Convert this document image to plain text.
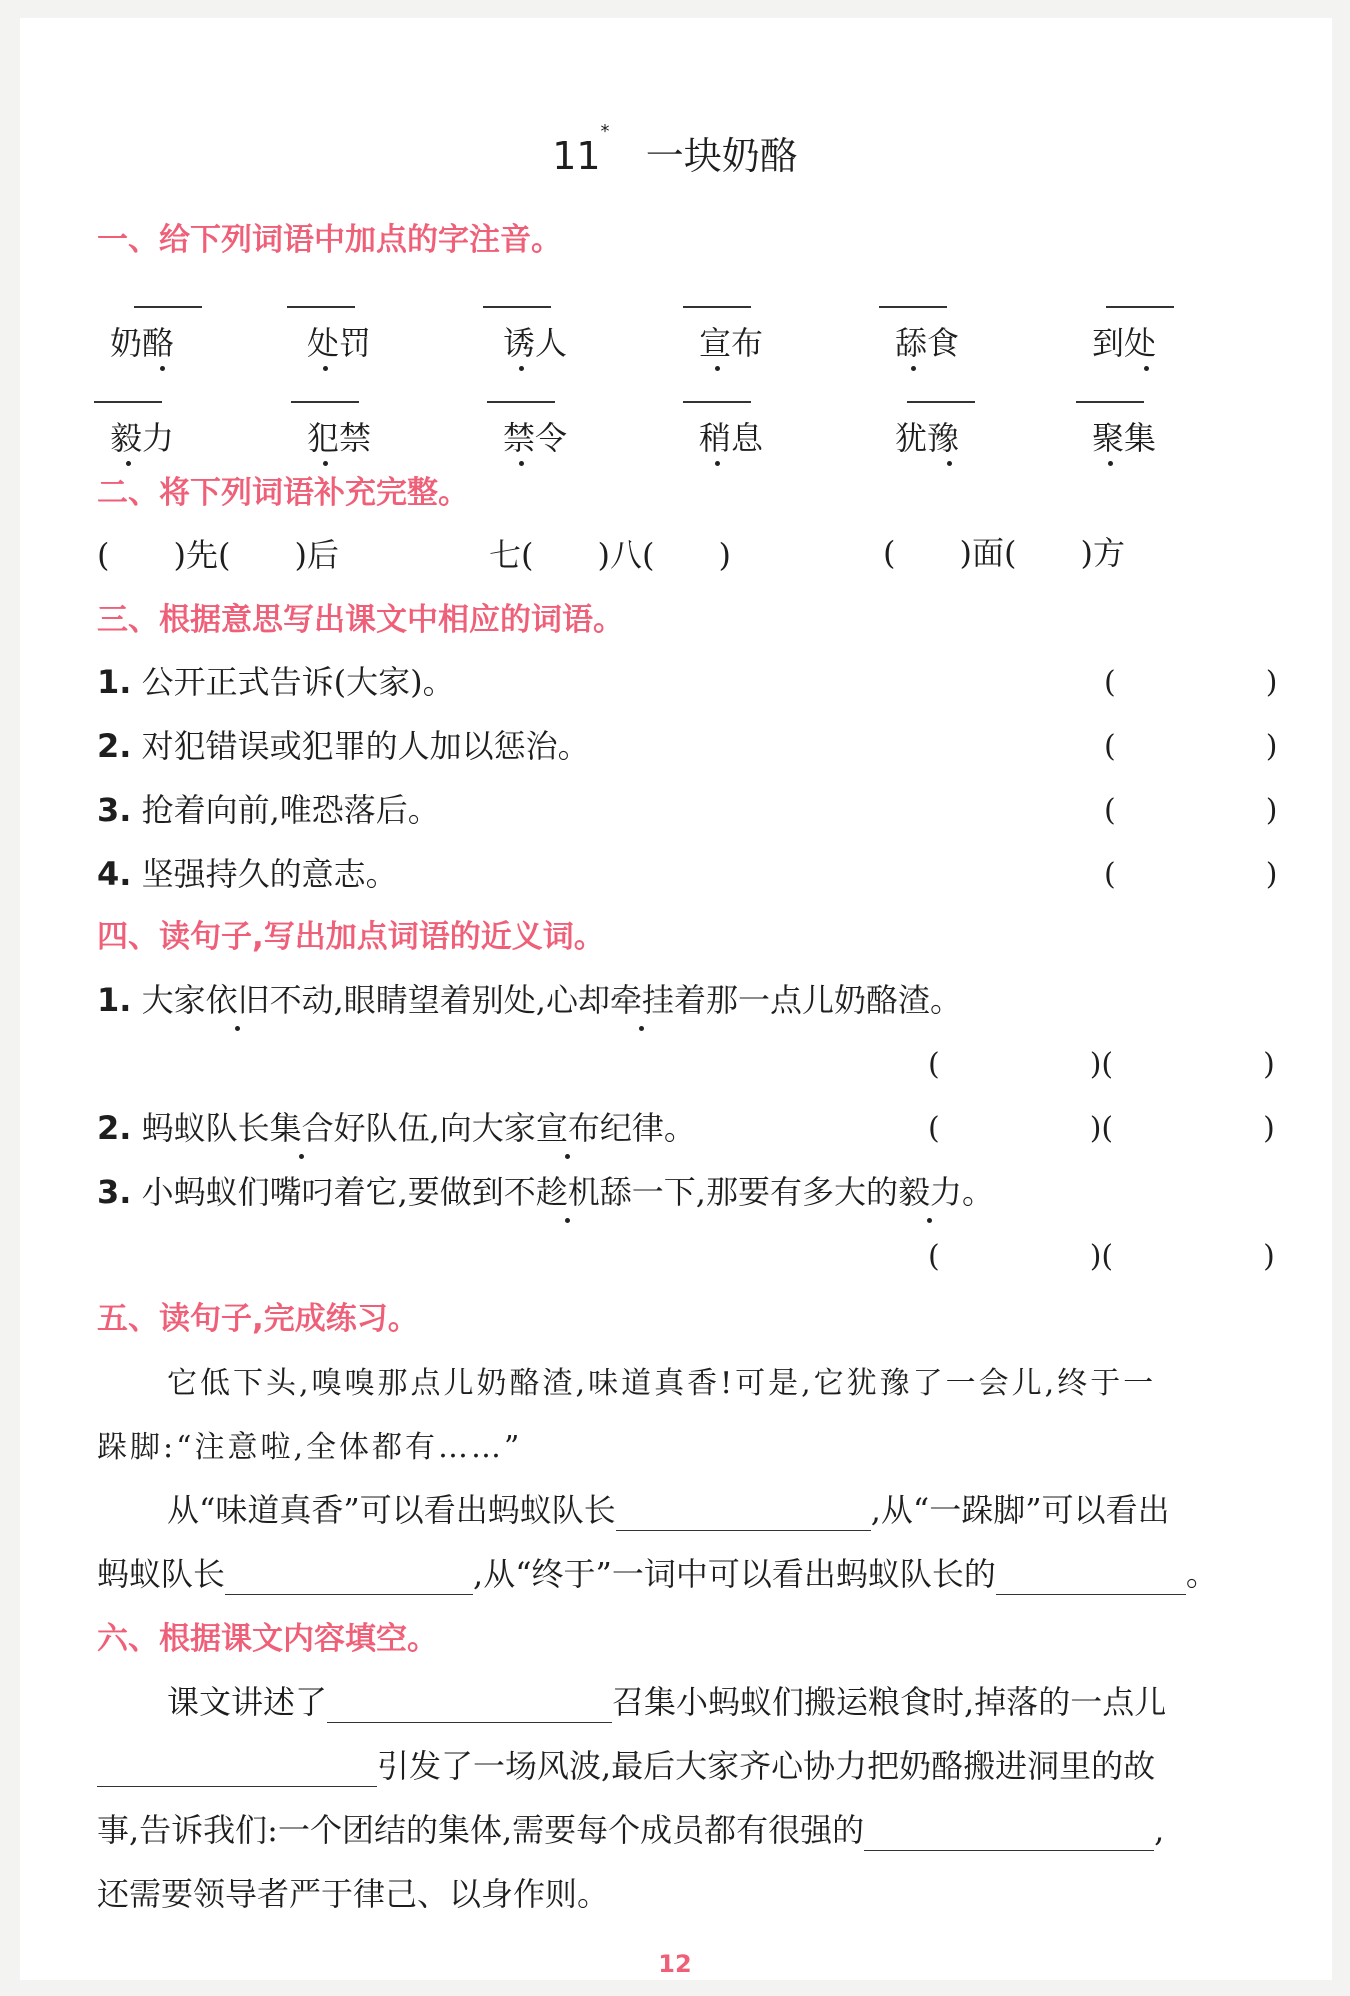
11*   一块奶酪
一、给下列词语中加点的字注音。
奶酪	处罚	诱人	宣布	舔食	到处
毅力	犯禁	禁令	稍息	犹豫	聚集
二、将下列词语补充完整。
(　　)先(　　)后	七(　　)八(　　)	(　　)面(　　)方
三、根据意思写出课文中相应的词语。
1. 公开正式告诉(大家)。	(　　　　　)
2. 对犯错误或犯罪的人加以惩治。	(　　　　　)
3. 抢着向前,唯恐落后。	(　　　　　)
4. 坚强持久的意志。	(　　　　　)
四、读句子,写出加点词语的近义词。
1. 大家依旧不动,眼睛望着别处,心却牵挂着那一点儿奶酪渣。
(　　　　　)(　　　　　)
2. 蚂蚁队长集合好队伍,向大家宣布纪律。	(　　　　　)(　　　　　)
3. 小蚂蚁们嘴叼着它,要做到不趁机舔一下,那要有多大的毅力。
(　　　　　)(　　　　　)
五、读句子,完成练习。
它低下头,嗅嗅那点儿奶酪渣,味道真香!可是,它犹豫了一会儿,终于一
跺脚:“注意啦,全体都有……”
从“味道真香”可以看出蚂蚁队长	,从“一跺脚”可以看出
蚂蚁队长	,从“终于”一词中可以看出蚂蚁队长的	。
六、根据课文内容填空。
课文讲述了	召集小蚂蚁们搬运粮食时,掉落的一点儿
引发了一场风波,最后大家齐心协力把奶酪搬进洞里的故
事,告诉我们:一个团结的集体,需要每个成员都有很强的	,
还需要领导者严于律己、以身作则。
12
